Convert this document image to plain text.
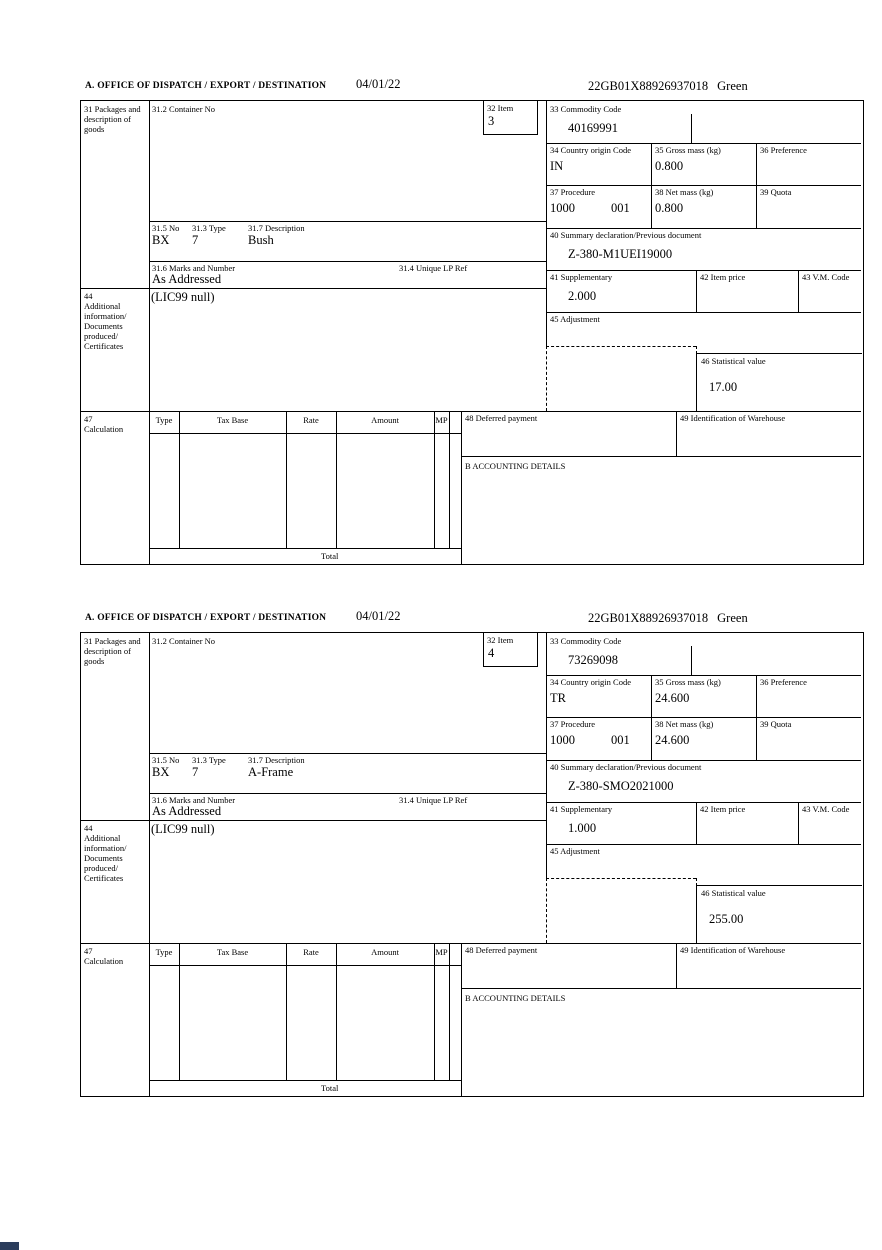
A. OFFICE OF DISPATCH / EXPORT / DESTINATION 04/01/22	22GB01X88926937018 Green
31 Packages and description of goods
44
Additional information/ Documents produced/ Certificates
47
Calculation
31.2 Container No	32 Item
3
31.5 No 31.3 Type	31.7 Description
BX 7	Bush
31.6 Marks and Number	31.4 Unique LP Ref
As Addressed
(LIC99 null)
33 Commodity Code
40169991
34 Country origin Code	35 Gross mass (kg)	36 Preference
IN	0.800
37 Procedure	38 Net mass (kg)	39 Quota
1000	001 0.800
40 Summary declaration/Previous document
Z-380-M1UEI19000
41 Supplementary	42 Item price	43 V.M. Code
2.000
45 Adjustment
46 Statistical value
17.00
Type	Tax Base	Rate	Amount	MP
Total
48 Deferred payment	49 Identification of Warehouse
B ACCOUNTING DETAILS
A. OFFICE OF DISPATCH / EXPORT / DESTINATION 04/01/22	22GB01X88926937018 Green
31 Packages and description of goods
44
Additional information/ Documents produced/ Certificates
47
Calculation
31.2 Container No	32 Item
4
31.5 No 31.3 Type	31.7 Description
BX 7	A-Frame
31.6 Marks and Number	31.4 Unique LP Ref
As Addressed
(LIC99 null)
33 Commodity Code
73269098
34 Country origin Code	35 Gross mass (kg)	36 Preference
TR	24.600
37 Procedure	38 Net mass (kg)	39 Quota
1000	001 24.600
40 Summary declaration/Previous document
Z-380-SMO2021000
41 Supplementary	42 Item price	43 V.M. Code
1.000
45 Adjustment
46 Statistical value
255.00
Type	Tax Base	Rate	Amount	MP
Total
48 Deferred payment	49 Identification of Warehouse
B ACCOUNTING DETAILS
